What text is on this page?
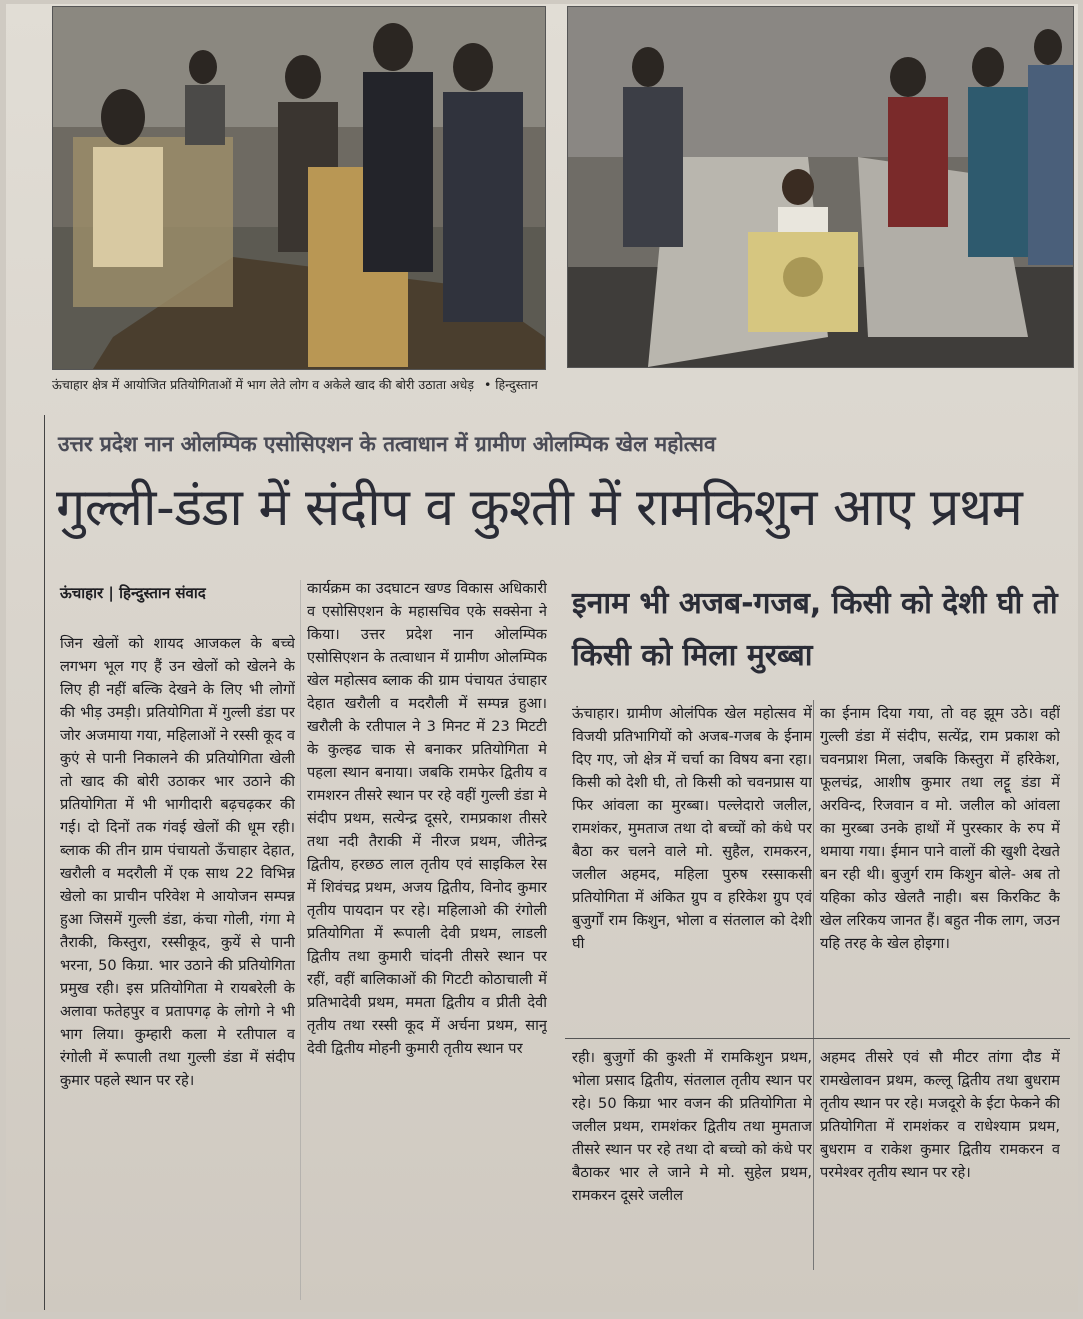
ऊंचाहार क्षेत्र में आयोजित प्रतियोगिताओं में भाग लेते लोग व अकेले खाद की बोरी उठाता अधेड़ • हिन्दुस्तान
उत्तर प्रदेश नान ओलम्पिक एसोसिएशन के तत्वाधान में ग्रामीण ओलम्पिक खेल महोत्सव
गुल्ली-डंडा में संदीप व कुश्ती में रामकिशुन आए प्रथम
ऊंचाहार | हिन्दुस्तान संवाद
जिन खेलों को शायद आजकल के बच्चे लगभग भूल गए हैं उन खेलों को खेलने के लिए ही नहीं बल्कि देखने के लिए भी लोगों की भीड़ उमड़ी। प्रतियोगिता में गुल्ली डंडा पर जोर अजमाया गया, महिलाओं ने रस्सी कूद व कुएं से पानी निकालने की प्रतियोगिता खेली तो खाद की बोरी उठाकर भार उठाने की प्रतियोगिता में भी भागीदारी बढ़चढ़कर की गई। दो दिनों तक गंवई खेलों की धूम रही। ब्लाक की तीन ग्राम पंचायतो ऊँचाहार देहात, खरौली व मदरौली में एक साथ 22 विभिन्न खेलो का प्राचीन परिवेश मे आयोजन सम्पन्न हुआ जिसमें गुल्ली डंडा, कंचा गोली, गंगा मे तैराकी, किस्तुरा, रस्सीकूद, कुयें से पानी भरना, 50 किग्रा. भार उठाने की प्रतियोगिता प्रमुख रही। इस प्रतियोगिता मे रायबरेली के अलावा फतेहपुर व प्रतापगढ़ के लोगो ने भी भाग लिया। कुम्हारी कला मे रतीपाल व रंगोली में रूपाली तथा गुल्ली डंडा में संदीप कुमार पहले स्थान पर रहे।
कार्यक्रम का उदघाटन खण्ड विकास अधिकारी व एसोसिएशन के महासचिव एके सक्सेना ने किया। उत्तर प्रदेश नान ओलम्पिक एसोसिएशन के तत्वाधान में ग्रामीण ओलम्पिक खेल महोत्सव ब्लाक की ग्राम पंचायत उंचाहार देहात खरौली व मदरौली में सम्पन्न हुआ। खरौली के रतीपाल ने 3 मिनट में 23 मिटटी के कुल्हढ चाक से बनाकर प्रतियोगिता मे पहला स्थान बनाया। जबकि रामफेर द्वितीय व रामशरन तीसरे स्थान पर रहे वहीं गुल्ली डंडा मे संदीप प्रथम, सत्येन्द्र दूसरे, रामप्रकाश तीसरे तथा नदी तैराकी में नीरज प्रथम, जीतेन्द्र द्वितीय, हरछठ लाल तृतीय एवं साइकिल रेस में शिवंचद्र प्रथम, अजय द्वितीय, विनोद कुमार तृतीय पायदान पर रहे। महिलाओ की रंगोली प्रतियोगिता में रूपाली देवी प्रथम, लाडली द्वितीय तथा कुमारी चांदनी तीसरे स्थान पर रहीं, वहीं बालिकाओं की गिटटी कोठाचाली में प्रतिभादेवी प्रथम, ममता द्वितीय व प्रीती देवी तृतीय तथा रस्सी कूद में अर्चना प्रथम, सानू देवी द्वितीय मोहनी कुमारी तृतीय स्थान पर
इनाम भी अजब-गजब, किसी को देशी घी तो किसी को मिला मुरब्बा
ऊंचाहार। ग्रामीण ओलंपिक खेल महोत्सव में विजयी प्रतिभागियों को अजब-गजब के ईनाम दिए गए, जो क्षेत्र में चर्चा का विषय बना रहा। किसी को देशी घी, तो किसी को चवनप्रास या फिर आंवला का मुरब्बा। पल्लेदारो जलील, रामशंकर, मुमताज तथा दो बच्चों को कंधे पर बैठा कर चलने वाले मो. सुहैल, रामकरन, जलील अहमद, महिला पुरुष रस्साकसी प्रतियोगिता में अंकित ग्रुप व हरिकेश ग्रुप एवं बुजुर्गों राम किशुन, भोला व संतलाल को देशी घी
का ईनाम दिया गया, तो वह झूम उठे। वहीं गुल्ली डंडा में संदीप, सत्येंद्र, राम प्रकाश को चवनप्राश मिला, जबकि किस्तुरा में हरिकेश, फूलचंद्र, आशीष कुमार तथा लट्टू डंडा में अरविन्द, रिजवान व मो. जलील को आंवला का मुरब्बा उनके हाथों में पुरस्कार के रुप में थमाया गया। ईमान पाने वालों की खुशी देखते बन रही थी। बुजुर्ग राम किशुन बोले- अब तो यहिका कोउ खेलतै नाही। बस किरकिट कै खेल लरिकय जानत हैं। बहुत नीक लाग, जउन यहि तरह के खेल होइगा।
रही। बुजुर्गो की कुश्ती में रामकिशुन प्रथम, भोला प्रसाद द्वितीय, संतलाल तृतीय स्थान पर रहे। 50 किग्रा भार वजन की प्रतियोगिता मे जलील प्रथम, रामशंकर द्वितीय तथा मुमताज तीसरे स्थान पर रहे तथा दो बच्चो को कंधे पर बैठाकर भार ले जाने मे मो. सुहेल प्रथम, रामकरन दूसरे जलील
अहमद तीसरे एवं सौ मीटर तांगा दौड में रामखेलावन प्रथम, कल्लू द्वितीय तथा बुधराम तृतीय स्थान पर रहे। मजदूरो के ईटा फेकने की प्रतियोगिता में रामशंकर व राधेश्याम प्रथम, बुधराम व राकेश कुमार द्वितीय रामकरन व परमेश्वर तृतीय स्थान पर रहे।
